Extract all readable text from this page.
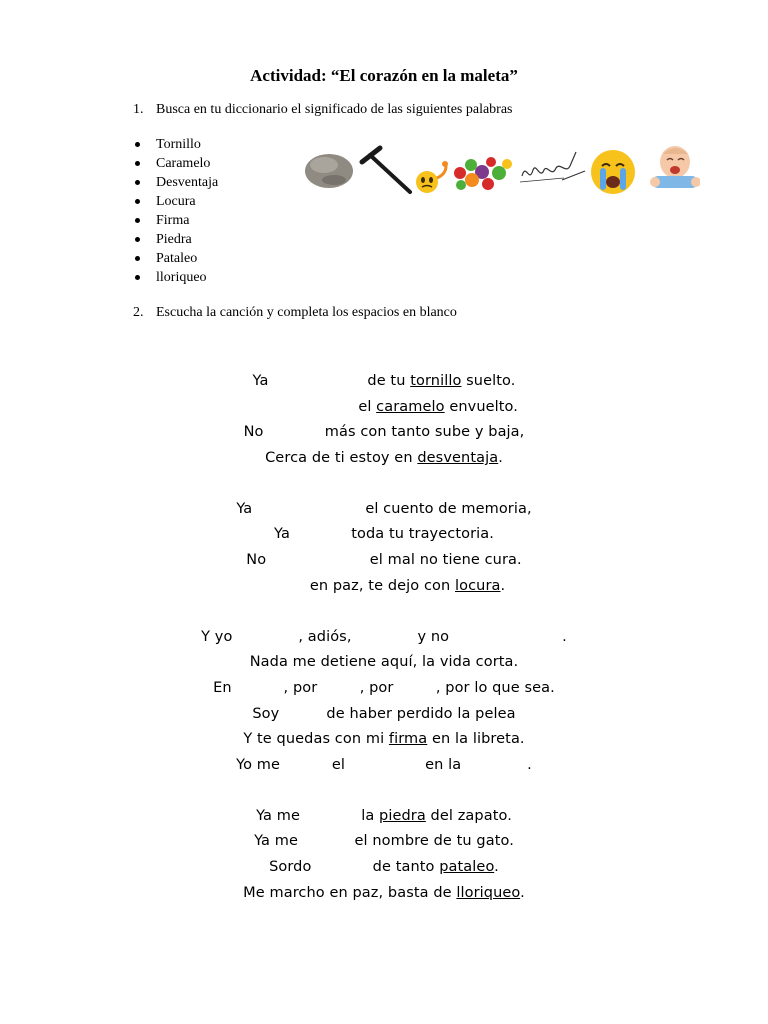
Actividad: “El corazón en la maleta”
1. Busca en tu diccionario el significado de las siguientes palabras
Tornillo
Caramelo
Desventaja
Locura
Firma
Piedra
Pataleo
lloriqueo
2. Escucha la canción y completa los espacios en blanco
Ya	de tu tornillo suelto.
el caramelo envuelto.
No	más con tanto sube y baja,
Cerca de ti estoy en desventaja.
Ya	el cuento de memoria,
Ya	toda tu trayectoria.
No	el mal no tiene cura.
en paz, te dejo con locura.
Y yo	, adiós,	y no	.
Nada me detiene aquí, la vida corta.
En	, por	, por	, por lo que sea.
Soy	de haber perdido la pelea
Y te quedas con mi firma en la libreta.
Yo me	el	en la	.
Ya me	la piedra del zapato.
Ya me	el nombre de tu gato.
Sordo	de tanto pataleo.
Me marcho en paz, basta de lloriqueo.
